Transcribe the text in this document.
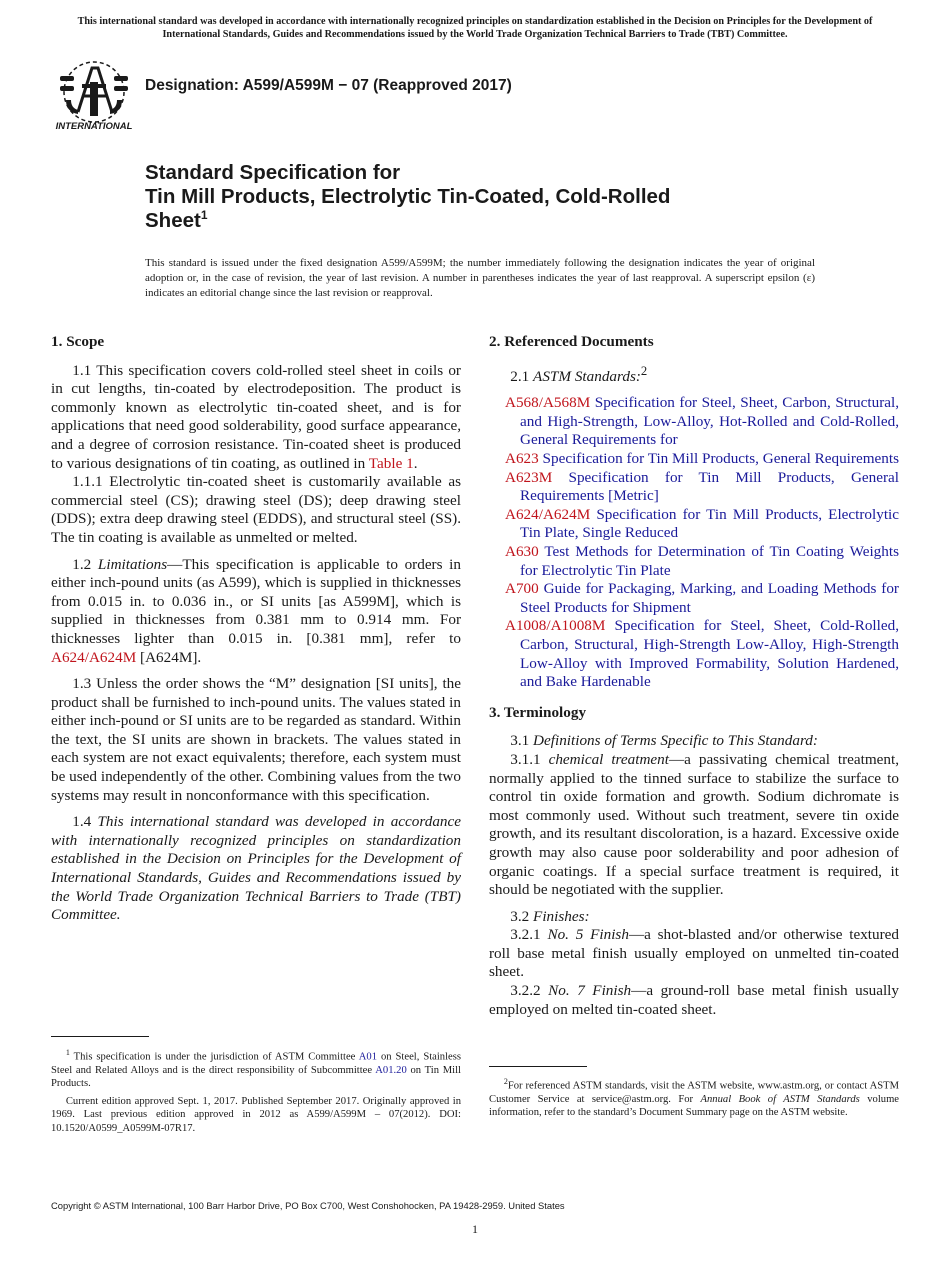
This international standard was developed in accordance with internationally recognized principles on standardization established in the Decision on Principles for the Development of International Standards, Guides and Recommendations issued by the World Trade Organization Technical Barriers to Trade (TBT) Committee.
INTERNATIONAL
Designation: A599/A599M − 07 (Reapproved 2017)
Standard Specification for
Tin Mill Products, Electrolytic Tin-Coated, Cold-Rolled
Sheet$^1$
This standard is issued under the fixed designation A599/A599M; the number immediately following the designation indicates the year of original adoption or, in the case of revision, the year of last revision. A number in parentheses indicates the year of last reapproval. A superscript epsilon (ε) indicates an editorial change since the last revision or reapproval.
1. Scope

1.1 This specification covers cold-rolled steel sheet in coils or in cut lengths, tin-coated by electrodeposition. The product is commonly known as electrolytic tin-coated sheet, and is for applications that need good solderability, good surface appearance, and a degree of corrosion resistance. Tin-coated sheet is produced to various designations of tin coating, as outlined in Table 1.

1.1.1 Electrolytic tin-coated sheet is customarily available as commercial steel (CS); drawing steel (DS); deep drawing steel (DDS); extra deep drawing steel (EDDS), and structural steel (SS). The tin coating is available as unmelted or melted.

1.2 Limitations—This specification is applicable to orders in either inch-pound units (as A599), which is supplied in thicknesses from 0.015 in. to 0.036 in., or SI units [as A599M], which is supplied in thicknesses from 0.381 mm to 0.914 mm. For thicknesses lighter than 0.015 in. [0.381 mm], refer to A624/A624M [A624M].

1.3 Unless the order shows the “M” designation [SI units], the product shall be furnished to inch-pound units. The values stated in either inch-pound or SI units are to be regarded as standard. Within the text, the SI units are shown in brackets. The values stated in each system are not exact equivalents; therefore, each system must be used independently of the other. Combining values from the two systems may result in nonconformance with this specification.

1.4 This international standard was developed in accordance with internationally recognized principles on standardization established in the Decision on Principles for the Development of International Standards, Guides and Recommendations issued by the World Trade Organization Technical Barriers to Trade (TBT) Committee.

2. Referenced Documents

2.1 ASTM Standards:$^2$

A568/A568M Specification for Steel, Sheet, Carbon, Structural, and High-Strength, Low-Alloy, Hot-Rolled and Cold-Rolled, General Requirements for
A623 Specification for Tin Mill Products, General Requirements
A623M Specification for Tin Mill Products, General Requirements [Metric]
A624/A624M Specification for Tin Mill Products, Electrolytic Tin Plate, Single Reduced
A630 Test Methods for Determination of Tin Coating Weights for Electrolytic Tin Plate
A700 Guide for Packaging, Marking, and Loading Methods for Steel Products for Shipment
A1008/A1008M Specification for Steel, Sheet, Cold-Rolled, Carbon, Structural, High-Strength Low-Alloy, High-Strength Low-Alloy with Improved Formability, Solution Hardened, and Bake Hardenable
3. Terminology

3.1 Definitions of Terms Specific to This Standard:

3.1.1 chemical treatment—a passivating chemical treatment, normally applied to the tinned surface to stabilize the surface to control tin oxide formation and growth. Sodium dichromate is most commonly used. Without such treatment, severe tin oxide growth, and its resultant discoloration, is a hazard. Excessive oxide growth may also cause poor solderability and poor adhesion of organic coatings. If a special surface treatment is required, it should be negotiated with the supplier.

3.2 Finishes:

3.2.1 No. 5 Finish—a shot-blasted and/or otherwise textured roll base metal finish usually employed on unmelted tin-coated sheet.

3.2.2 No. 7 Finish—a ground-roll base metal finish usually employed on melted tin-coated sheet.

$^1$ This specification is under the jurisdiction of ASTM Committee A01 on Steel, Stainless Steel and Related Alloys and is the direct responsibility of Subcommittee A01.20 on Tin Mill Products.

Current edition approved Sept. 1, 2017. Published September 2017. Originally approved in 1969. Last previous edition approved in 2012 as A599/A599M – 07(2012). DOI: 10.1520/A0599_A0599M-07R17.

$^2$For referenced ASTM standards, visit the ASTM website, www.astm.org, or contact ASTM Customer Service at service@astm.org. For Annual Book of ASTM Standards volume information, refer to the standard’s Document Summary page on the ASTM website.

Copyright © ASTM International, 100 Barr Harbor Drive, PO Box C700, West Conshohocken, PA 19428-2959. United States
1
